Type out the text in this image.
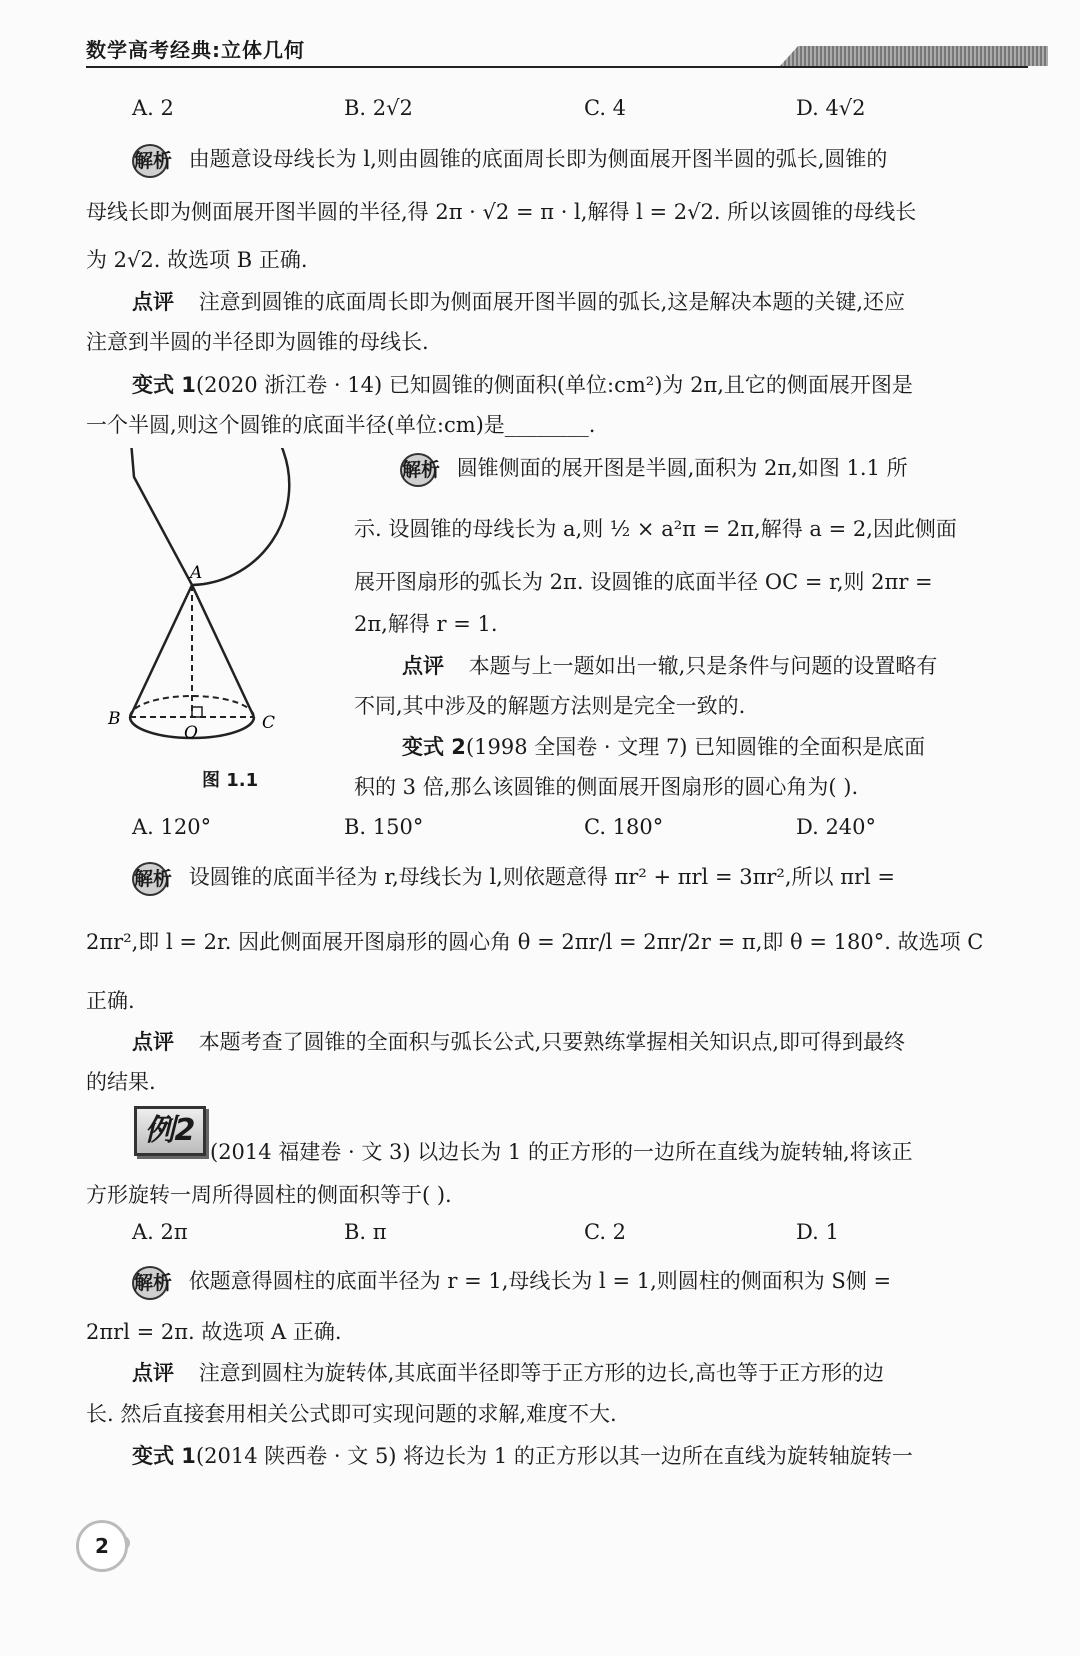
数学高考经典:立体几何
A. 2	B. 2√2	C. 4	D. 4√2
解析 由题意设母线长为 l,则由圆锥的底面周长即为侧面展开图半圆的弧长,圆锥的
母线长即为侧面展开图半圆的半径,得 2π · √2 = π · l,解得 l = 2√2. 所以该圆锥的母线长
为 2√2. 故选项 B 正确.
点评 注意到圆锥的底面周长即为侧面展开图半圆的弧长,这是解决本题的关键,还应
注意到半圆的半径即为圆锥的母线长.
变式 1(2020 浙江卷 · 14) 已知圆锥的侧面积(单位:cm²)为 2π,且它的侧面展开图是
一个半圆,则这个圆锥的底面半径(单位:cm)是________.
A
B
O	C
图 1.1
解析 圆锥侧面的展开图是半圆,面积为 2π,如图 1.1 所
示. 设圆锥的母线长为 a,则 ½ × a²π = 2π,解得 a = 2,因此侧面
展开图扇形的弧长为 2π. 设圆锥的底面半径 OC = r,则 2πr =
2π,解得 r = 1.
点评 本题与上一题如出一辙,只是条件与问题的设置略有
不同,其中涉及的解题方法则是完全一致的.
变式 2(1998 全国卷 · 文理 7) 已知圆锥的全面积是底面
积的 3 倍,那么该圆锥的侧面展开图扇形的圆心角为( ).
A. 120°	B. 150°	C. 180°	D. 240°
解析 设圆锥的底面半径为 r,母线长为 l,则依题意得 πr² + πrl = 3πr²,所以 πrl =
2πr²,即 l = 2r. 因此侧面展开图扇形的圆心角 θ = 2πr/l = 2πr/2r = π,即 θ = 180°. 故选项 C
正确.
点评 本题考查了圆锥的全面积与弧长公式,只要熟练掌握相关知识点,即可得到最终
的结果.
例2
(2014 福建卷 · 文 3) 以边长为 1 的正方形的一边所在直线为旋转轴,将该正
方形旋转一周所得圆柱的侧面积等于( ).
A. 2π	B. π	C. 2	D. 1
解析 依题意得圆柱的底面半径为 r = 1,母线长为 l = 1,则圆柱的侧面积为 S侧 =
2πrl = 2π. 故选项 A 正确.
点评 注意到圆柱为旋转体,其底面半径即等于正方形的边长,高也等于正方形的边
长. 然后直接套用相关公式即可实现问题的求解,难度不大.
变式 1(2014 陕西卷 · 文 5) 将边长为 1 的正方形以其一边所在直线为旋转轴旋转一
2
